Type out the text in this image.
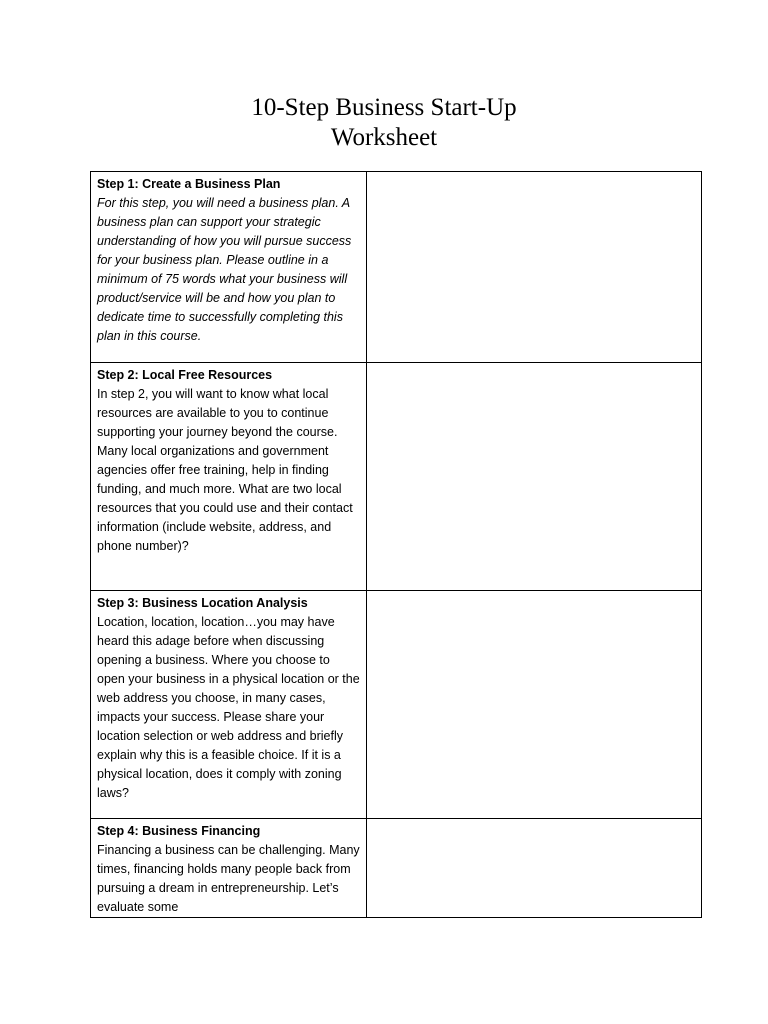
10-Step Business Start-Up
Worksheet
Step 1: Create a Business Plan
For this step, you will need a business plan. A business plan can support your strategic understanding of how you will pursue success for your business plan. Please outline in a minimum of 75 words what your business will product/service will be and how you plan to dedicate time to successfully completing this plan in this course.	

Step 2: Local Free Resources
In step 2, you will want to know what local resources are available to you to continue supporting your journey beyond the course. Many local organizations and government agencies offer free training, help in finding funding, and much more. What are two local resources that you could use and their contact information (include website, address, and phone number)?	

Step 3: Business Location Analysis
Location, location, location…you may have heard this adage before when discussing opening a business. Where you choose to open your business in a physical location or the web address you choose, in many cases, impacts your success. Please share your location selection or web address and briefly explain why this is a feasible choice. If it is a physical location, does it comply with zoning laws?	

Step 4: Business Financing
Financing a business can be challenging. Many times, financing holds many people back from pursuing a dream in entrepreneurship. Let’s evaluate some	
